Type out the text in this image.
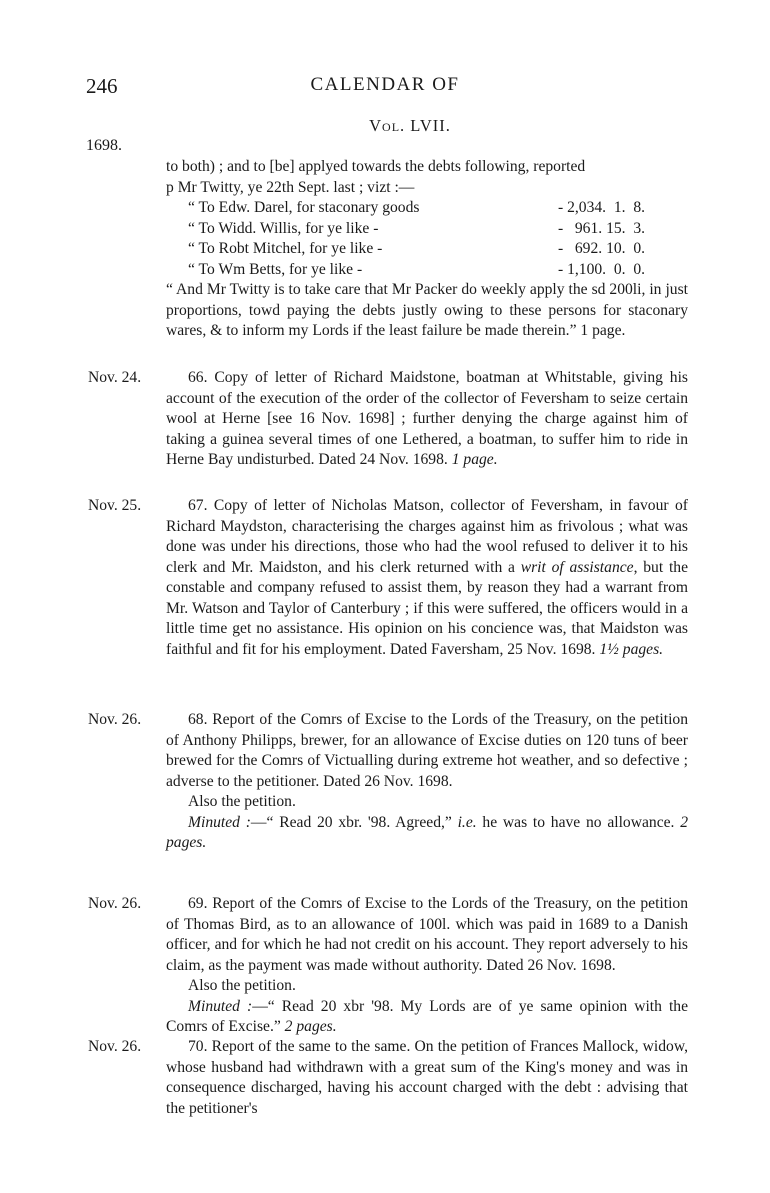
246	CALENDAR OF
Vol. LVII.
1698.

to both) ; and to [be] applyed towards the debts following, reported

p Mr Twitty, ye 22th Sept. last ; vizt :—

“ To Edw. Darel, for staconary goods	- 2,034.  1.  8.
“ To Widd. Willis, for ye like -	-   961. 15.  3.
“ To Robt Mitchel, for ye like -	-   692. 10.  0.
“ To Wm Betts, for ye like -	- 1,100.  0.  0.

“ And Mr Twitty is to take care that Mr Packer do weekly apply the sd 200li, in just proportions, towd paying the debts justly owing to these persons for staconary wares, & to inform my Lords if the least failure be made therein.” 1 page.

Nov. 24.	66. Copy of letter of Richard Maidstone, boatman at Whitstable, giving his account of the execution of the order of the collector of Feversham to seize certain wool at Herne [see 16 Nov. 1698] ; further denying the charge against him of taking a guinea several times of one Lethered, a boatman, to suffer him to ride in Herne Bay undisturbed. Dated 24 Nov. 1698. 1 page.

Nov. 25.	67. Copy of letter of Nicholas Matson, collector of Feversham, in favour of Richard Maydston, characterising the charges against him as frivolous ; what was done was under his directions, those who had the wool refused to deliver it to his clerk and Mr. Maidston, and his clerk returned with a writ of assistance, but the constable and company refused to assist them, by reason they had a warrant from Mr. Watson and Taylor of Canterbury ; if this were suffered, the officers would in a little time get no assistance. His opinion on his concience was, that Maidston was faithful and fit for his employment. Dated Faversham, 25 Nov. 1698. 1½ pages.

Nov. 26.	68. Report of the Comrs of Excise to the Lords of the Treasury, on the petition of Anthony Philipps, brewer, for an allowance of Excise duties on 120 tuns of beer brewed for the Comrs of Victualling during extreme hot weather, and so defective ; adverse to the petitioner. Dated 26 Nov. 1698.

Also the petition.

Minuted :—“ Read 20 xbr. '98. Agreed,” i.e. he was to have no allowance. 2 pages.

Nov. 26.	69. Report of the Comrs of Excise to the Lords of the Treasury, on the petition of Thomas Bird, as to an allowance of 100l. which was paid in 1689 to a Danish officer, and for which he had not credit on his account. They report adversely to his claim, as the payment was made without authority. Dated 26 Nov. 1698.

Also the petition.

Minuted :—“ Read 20 xbr '98. My Lords are of ye same opinion with the Comrs of Excise.” 2 pages.

Nov. 26.	70. Report of the same to the same. On the petition of Frances Mallock, widow, whose husband had withdrawn with a great sum of the King's money and was in consequence discharged, having his account charged with the debt : advising that the petitioner's
